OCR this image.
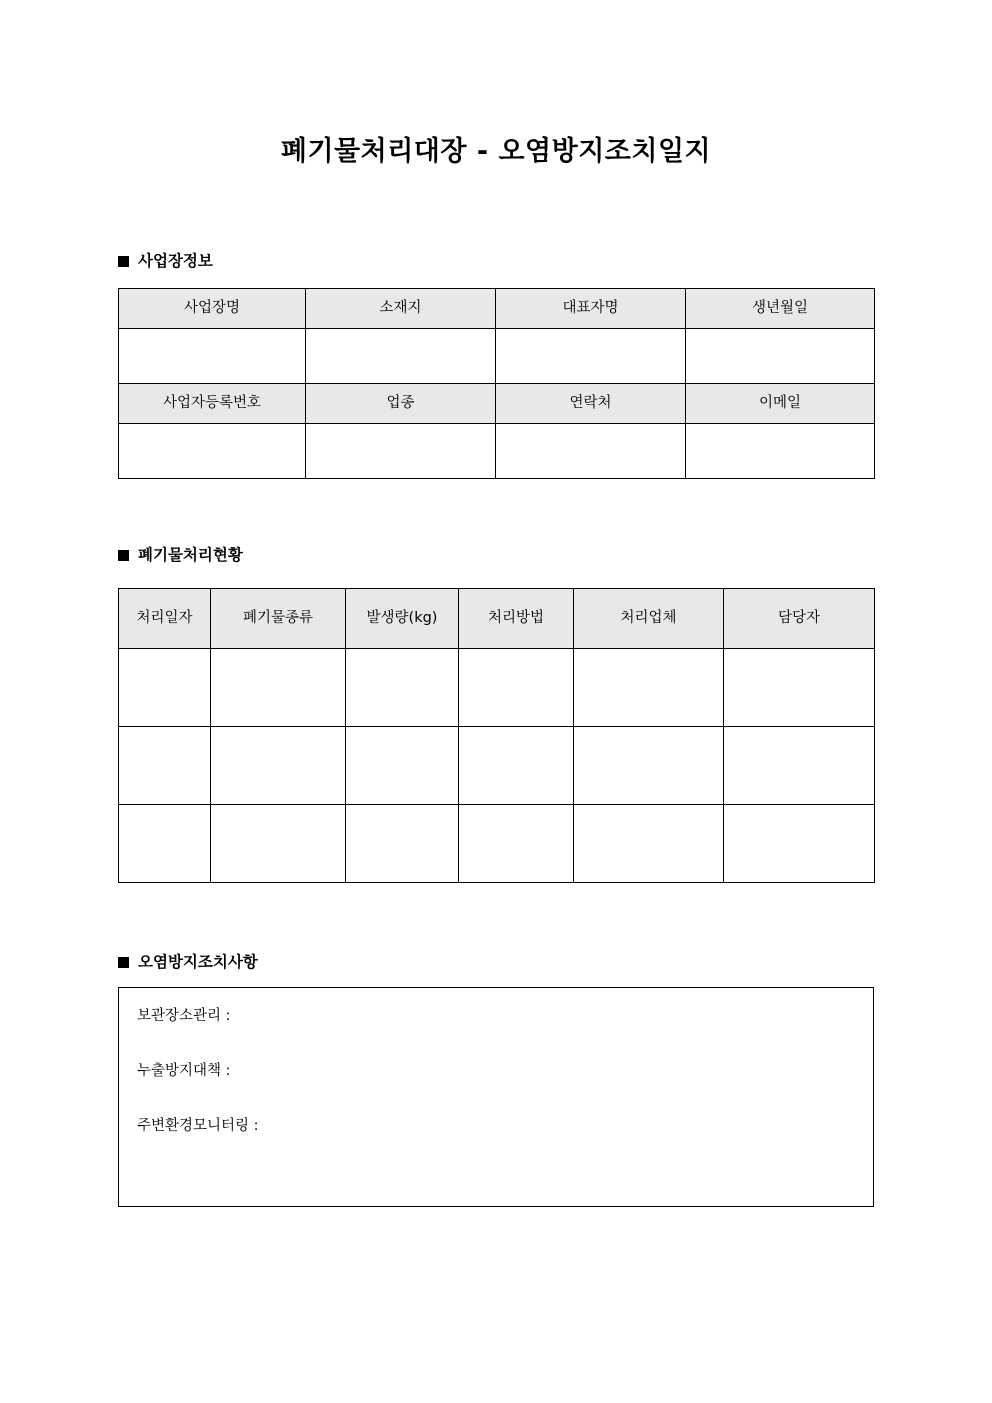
폐기물처리대장 - 오염방지조치일지
사업장정보
사업장명	소재지	대표자명	생년월일

사업자등록번호	업종	연락처	이메일

폐기물처리현황
처리일자	폐기물종류	발생량(kg)	처리방법	처리업체	담당자

오염방지조치사항
보관장소관리 :
누출방지대책 :
주변환경모니터링 :
